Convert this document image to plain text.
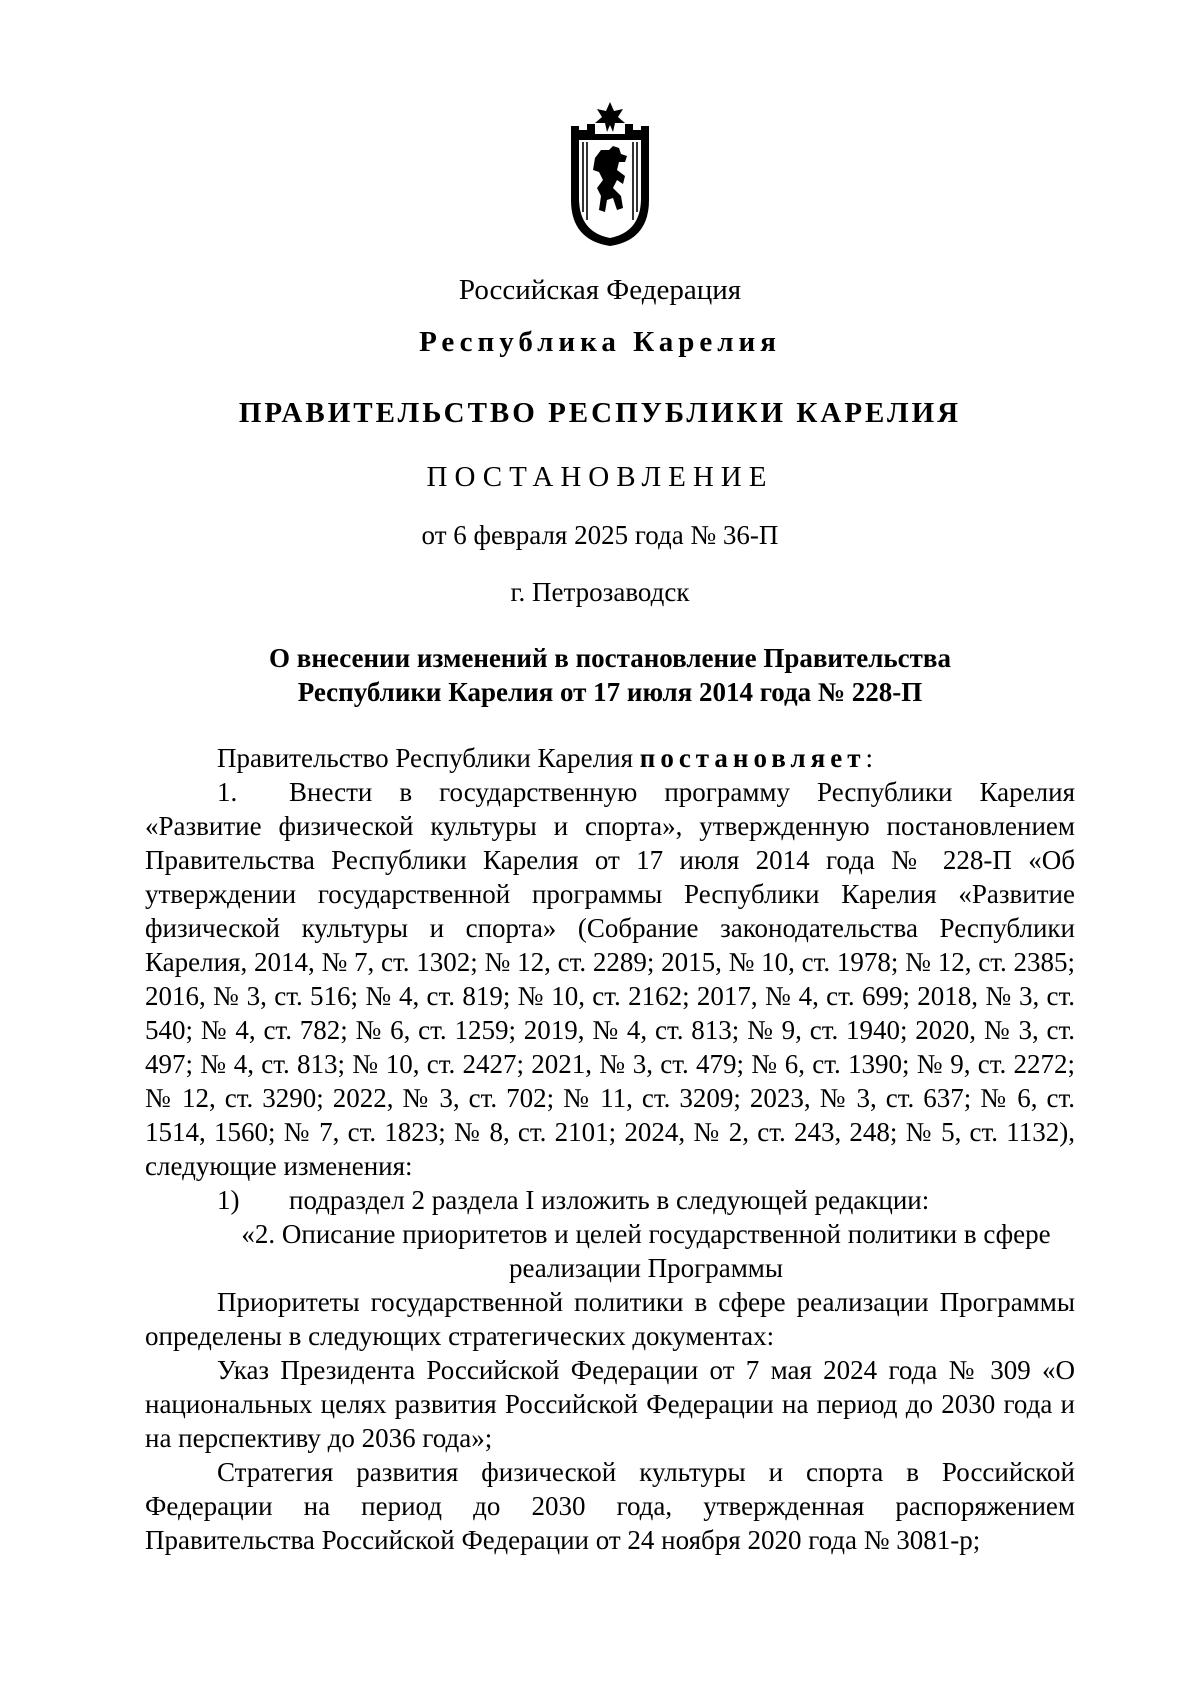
Российская Федерация
Республика Карелия
ПРАВИТЕЛЬСТВО РЕСПУБЛИКИ КАРЕЛИЯ
ПОСТАНОВЛЕНИЕ
от 6 февраля 2025 года № 36-П
г. Петрозаводск
О внесении изменений в постановление Правительства
Республики Карелия от 17 июля 2014 года № 228-П

Правительство Республики Карелия постановляет:

1. Внести в государственную программу Республики Карелия «Развитие физической культуры и спорта», утвержденную постановлением Правительства Республики Карелия от 17 июля 2014 года № 228-П «Об утверждении государственной программы Республики Карелия «Развитие физической культуры и спорта» (Собрание законодательства Республики Карелия, 2014, № 7, ст. 1302; № 12, ст. 2289; 2015, № 10, ст. 1978; № 12, ст. 2385; 2016, № 3, ст. 516; № 4, ст. 819; № 10, ст. 2162; 2017, № 4, ст. 699; 2018, № 3, ст. 540; № 4, ст. 782; № 6, ст. 1259; 2019, № 4, ст. 813; № 9, ст. 1940; 2020, № 3, ст. 497; № 4, ст. 813; № 10, ст. 2427; 2021, № 3, ст. 479; № 6, ст. 1390; № 9, ст. 2272; № 12, ст. 3290; 2022, № 3, ст. 702; № 11, ст. 3209; 2023, № 3, ст. 637; № 6, ст. 1514, 1560; № 7, ст. 1823; № 8, ст. 2101; 2024, № 2, ст. 243, 248; № 5, ст. 1132), следующие изменения:

1) подраздел 2 раздела I изложить в следующей редакции:

«2. Описание приоритетов и целей государственной политики в сфере
реализации Программы

Приоритеты государственной политики в сфере реализации Программы определены в следующих стратегических документах:

Указ Президента Российской Федерации от 7 мая 2024 года № 309 «О национальных целях развития Российской Федерации на период до 2030 года и на перспективу до 2036 года»;

Стратегия развития физической культуры и спорта в Российской Федерации на период до 2030 года, утвержденная распоряжением Правительства Российской Федерации от 24 ноября 2020 года № 3081-р;
